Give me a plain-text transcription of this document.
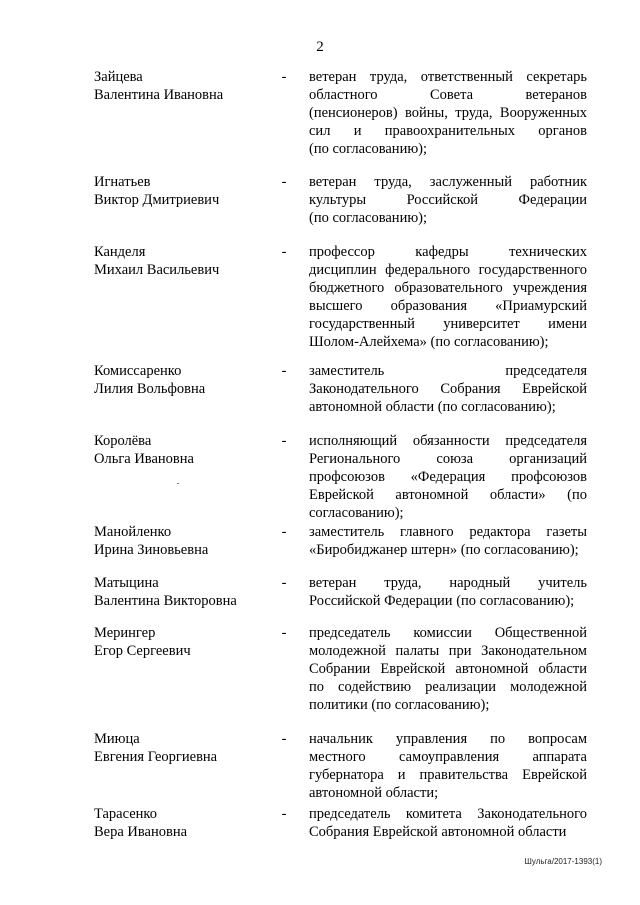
2
Зайцева
Валентина Ивановна
- ветеран труда, ответственный секретарь
областного Совета ветеранов
(пенсионеров) войны, труда, Вооруженных
сил и правоохранительных органов
(по согласованию);
Игнатьев
Виктор Дмитриевич
- ветеран труда, заслуженный работник
культуры Российской Федерации
(по согласованию);
Канделя
Михаил Васильевич
- профессор кафедры технических
дисциплин федерального государственного
бюджетного образовательного учреждения
высшего образования «Приамурский
государственный университет имени
Шолом-Алейхема» (по согласованию);
Комиссаренко
Лилия Вольфовна
- заместитель председателя
Законодательного Собрания Еврейской
автономной области (по согласованию);
Королёва
Ольга Ивановна
- исполняющий обязанности председателя
Регионального союза организаций
профсоюзов «Федерация профсоюзов
Еврейской автономной области» (по
согласованию);
Манойленко
Ирина Зиновьевна
- заместитель главного редактора газеты
«Биробиджанер штерн» (по согласованию);
Матыцина
Валентина Викторовна
- ветеран труда, народный учитель
Российской Федерации (по согласованию);
Мерингер
Егор Сергеевич
- председатель комиссии Общественной
молодежной палаты при Законодательном
Собрании Еврейской автономной области
по содействию реализации молодежной
политики (по согласованию);
Миюца
Евгения Георгиевна
- начальник управления по вопросам
местного самоуправления аппарата
губернатора и правительства Еврейской
автономной области;
Тарасенко
Вера Ивановна
- председатель комитета Законодательного
Собрания Еврейской автономной области
Шульга/2017-1393(1)
